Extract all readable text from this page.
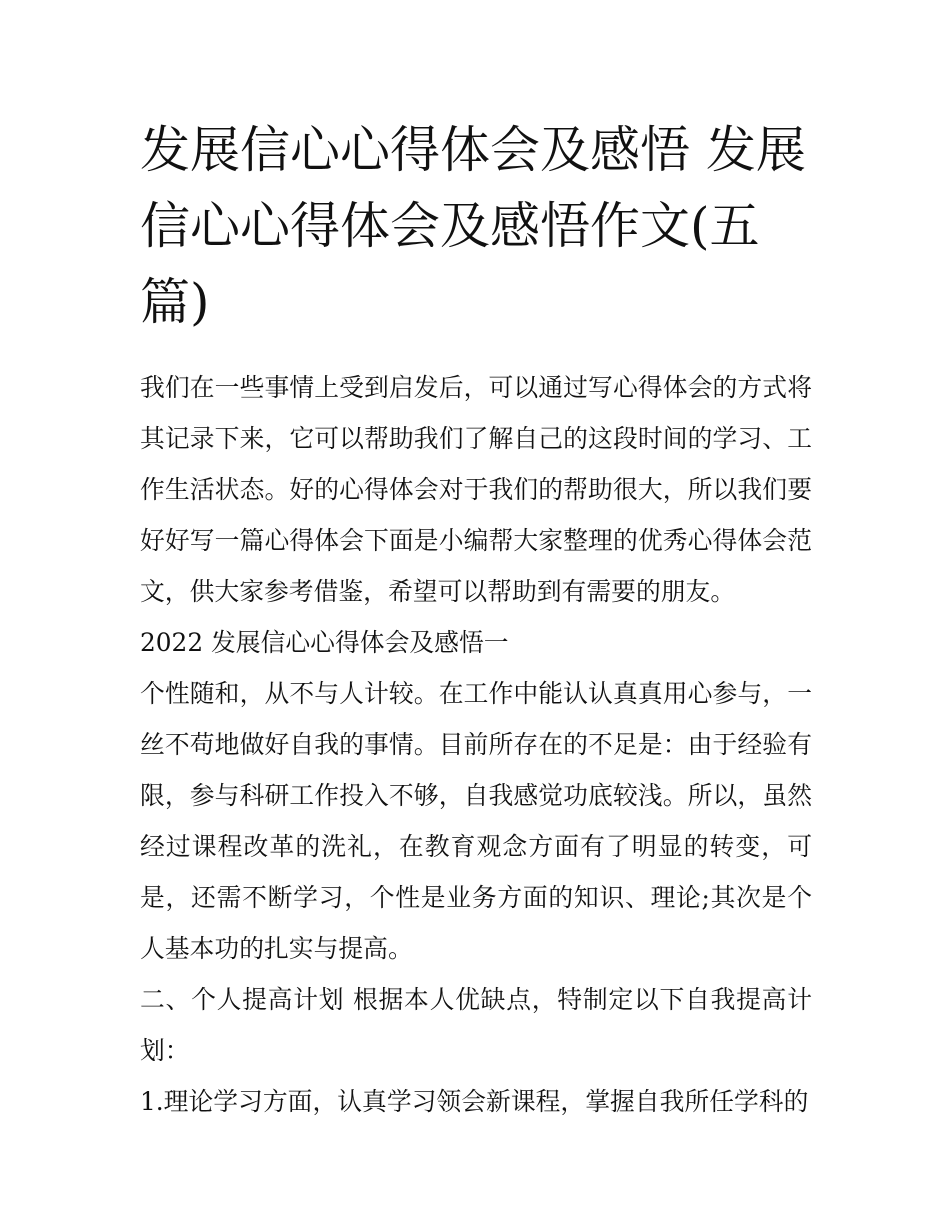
发展信心心得体会及感悟 发展信心心得体会及感悟作文(五篇)

我们在一些事情上受到启发后，可以通过写心得体会的方式将其记录下来，它可以帮助我们了解自己的这段时间的学习、工作生活状态。好的心得体会对于我们的帮助很大，所以我们要好好写一篇心得体会下面是小编帮大家整理的优秀心得体会范文，供大家参考借鉴，希望可以帮助到有需要的朋友。

2022 发展信心心得体会及感悟一

个性随和，从不与人计较。在工作中能认认真真用心参与，一丝不苟地做好自我的事情。目前所存在的不足是：由于经验有限，参与科研工作投入不够，自我感觉功底较浅。所以，虽然经过课程改革的洗礼，在教育观念方面有了明显的转变，可是，还需不断学习，个性是业务方面的知识、理论;其次是个人基本功的扎实与提高。

二、个人提高计划 根据本人优缺点，特制定以下自我提高计划：

1.理论学习方面，认真学习领会新课程，掌握自我所任学科的
